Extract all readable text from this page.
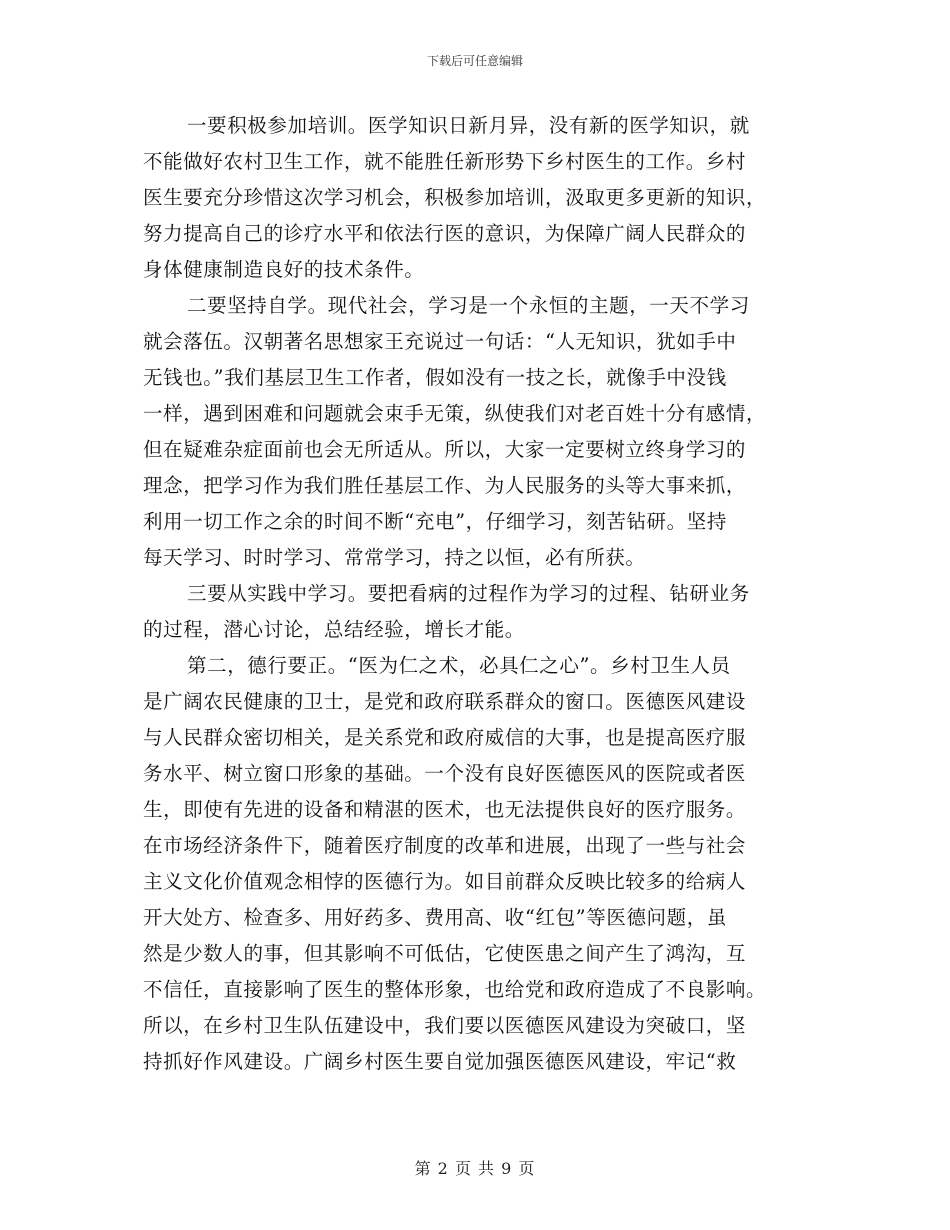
下载后可任意编辑
一要积极参加培训。医学知识日新月异，没有新的医学知识，就
不能做好农村卫生工作，就不能胜任新形势下乡村医生的工作。乡村
医生要充分珍惜这次学习机会，积极参加培训，汲取更多更新的知识，
努力提高自己的诊疗水平和依法行医的意识，为保障广阔人民群众的
身体健康制造良好的技术条件。
二要坚持自学。现代社会，学习是一个永恒的主题，一天不学习
就会落伍。汉朝著名思想家王充说过一句话：“人无知识，犹如手中
无钱也。”我们基层卫生工作者，假如没有一技之长，就像手中没钱
一样，遇到困难和问题就会束手无策，纵使我们对老百姓十分有感情，
但在疑难杂症面前也会无所适从。所以，大家一定要树立终身学习的
理念，把学习作为我们胜任基层工作、为人民服务的头等大事来抓，
利用一切工作之余的时间不断“充电”，仔细学习，刻苦钻研。坚持
每天学习、时时学习、常常学习，持之以恒，必有所获。
三要从实践中学习。要把看病的过程作为学习的过程、钻研业务
的过程，潜心讨论，总结经验，增长才能。
第二，德行要正。“医为仁之术，必具仁之心”。乡村卫生人员
是广阔农民健康的卫士，是党和政府联系群众的窗口。医德医风建设
与人民群众密切相关，是关系党和政府威信的大事，也是提高医疗服
务水平、树立窗口形象的基础。一个没有良好医德医风的医院或者医
生，即使有先进的设备和精湛的医术，也无法提供良好的医疗服务。
在市场经济条件下，随着医疗制度的改革和进展，出现了一些与社会
主义文化价值观念相悖的医德行为。如目前群众反映比较多的给病人
开大处方、检查多、用好药多、费用高、收“红包”等医德问题，虽
然是少数人的事，但其影响不可低估，它使医患之间产生了鸿沟，互
不信任，直接影响了医生的整体形象，也给党和政府造成了不良影响。
所以，在乡村卫生队伍建设中，我们要以医德医风建设为突破口，坚
持抓好作风建设。广阔乡村医生要自觉加强医德医风建设，牢记“救
第 2 页 共 9 页
